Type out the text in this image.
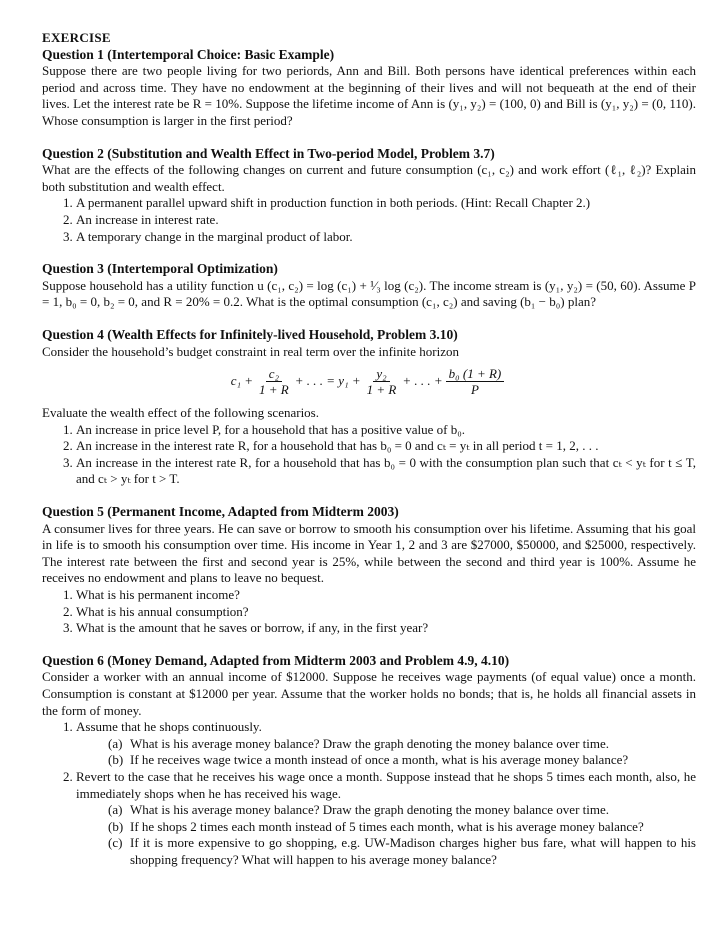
EXERCISE
Question 1 (Intertemporal Choice: Basic Example)
Suppose there are two people living for two periords, Ann and Bill. Both persons have identical preferences within each period and across time. They have no endowment at the beginning of their lives and will not bequeath at the end of their lives. Let the interest rate be R = 10%. Suppose the lifetime income of Ann is (y₁, y₂) = (100, 0) and Bill is (y₁, y₂) = (0, 110). Whose consumption is larger in the first period?
Question 2 (Substitution and Wealth Effect in Two-period Model, Problem 3.7)
What are the effects of the following changes on current and future consumption (c₁, c₂) and work effort (ℓ₁, ℓ₂)? Explain both substitution and wealth effect.
1. A permanent parallel upward shift in production function in both periods. (Hint: Recall Chapter 2.)
2. An increase in interest rate.
3. A temporary change in the marginal product of labor.
Question 3 (Intertemporal Optimization)
Suppose household has a utility function u (c₁, c₂) = log (c₁) + ¹⁄₃ log (c₂). The income stream is (y₁, y₂) = (50, 60). Assume P = 1, b₀ = 0, b₂ = 0, and R = 20% = 0.2. What is the optimal consumption (c₁, c₂) and saving (b₁ − b₀) plan?
Question 4 (Wealth Effects for Infinitely-lived Household, Problem 3.10)
Consider the household’s budget constraint in real term over the infinite horizon
$c_1 + \frac{\text{c₂}}{1 + R}$ + . . . = $y_1 + \frac{\text{y₂}}{1 + R}$ + . . . + $\frac{\text{b₀ (1 + R)}}{P}$
Evaluate the wealth effect of the following scenarios.
1. An increase in price level P, for a household that has a positive value of b₀.
2. An increase in the interest rate R, for a household that has b₀ = 0 and cₜ = yₜ in all period t = 1, 2, . . .
3. An increase in the interest rate R, for a household that has b₀ = 0 with the consumption plan such that cₜ < yₜ for t ≤ T, and cₜ > yₜ for t > T.
Question 5 (Permanent Income, Adapted from Midterm 2003)
A consumer lives for three years. He can save or borrow to smooth his consumption over his lifetime. Assuming that his goal in life is to smooth his consumption over time. His income in Year 1, 2 and 3 are $27000, $50000, and $25000, respectively. The interest rate between the first and second year is 25%, while between the second and third year is 100%. Assume he receives no endowment and plans to leave no bequest.
1. What is his permanent income?
2. What is his annual consumption?
3. What is the amount that he saves or borrow, if any, in the first year?
Question 6 (Money Demand, Adapted from Midterm 2003 and Problem 4.9, 4.10)
Consider a worker with an annual income of $12000. Suppose he receives wage payments (of equal value) once a month. Consumption is constant at $12000 per year. Assume that the worker holds no bonds; that is, he holds all financial assets in the form of money.
1. Assume that he shops continuously.
(a) What is his average money balance? Draw the graph denoting the money balance over time.
(b) If he receives wage twice a month instead of once a month, what is his average money balance?
2. Revert to the case that he receives his wage once a month. Suppose instead that he shops 5 times each month, also, he immediately shops when he has received his wage.
(a) What is his average money balance? Draw the graph denoting the money balance over time.
(b) If he shops 2 times each month instead of 5 times each month, what is his average money balance?
(c) If it is more expensive to go shopping, e.g. UW-Madison charges higher bus fare, what will happen to his shopping frequency? What will happen to his average money balance?
